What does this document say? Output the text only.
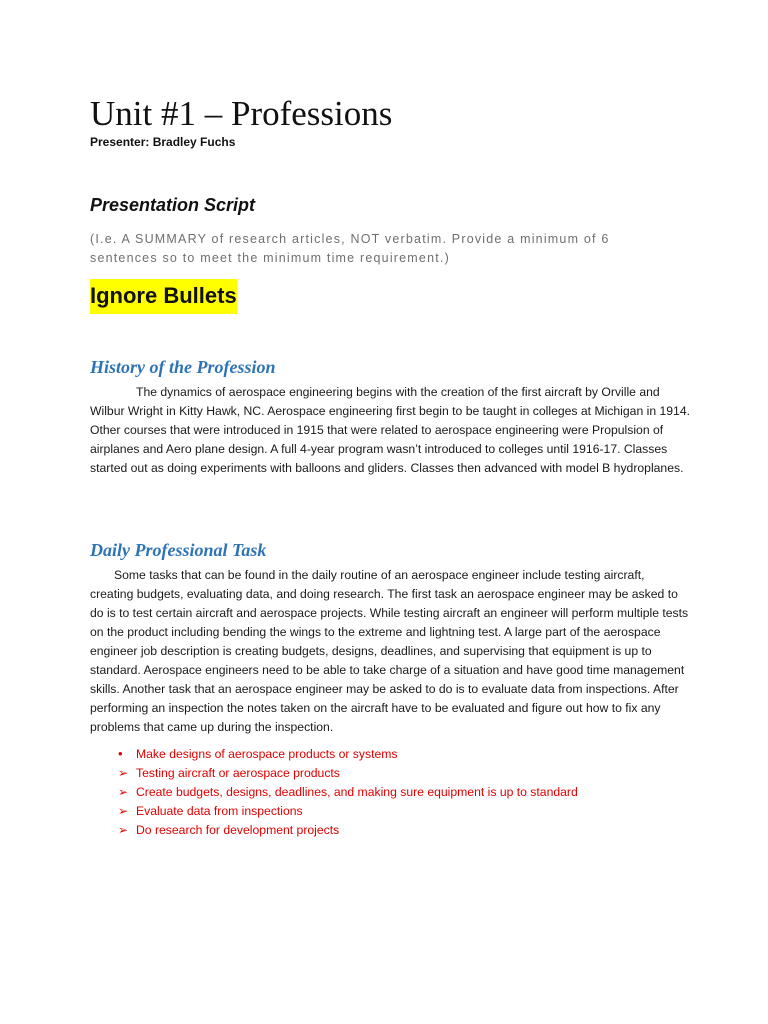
Unit #1 – Professions
Presenter: Bradley Fuchs
Presentation Script
(I.e. A SUMMARY of research articles, NOT verbatim. Provide a minimum of 6 sentences so to meet the minimum time requirement.)
Ignore Bullets
History of the Profession

The dynamics of aerospace engineering begins with the creation of the first aircraft by Orville and Wilbur Wright in Kitty Hawk, NC. Aerospace engineering first begin to be taught in colleges at Michigan in 1914. Other courses that were introduced in 1915 that were related to aerospace engineering were Propulsion of airplanes and Aero plane design. A full 4-year program wasn’t introduced to colleges until 1916-17. Classes started out as doing experiments with balloons and gliders. Classes then advanced with model B hydroplanes.

Daily Professional Task

Some tasks that can be found in the daily routine of an aerospace engineer include testing aircraft, creating budgets, evaluating data, and doing research. The first task an aerospace engineer may be asked to do is to test certain aircraft and aerospace projects. While testing aircraft an engineer will perform multiple tests on the product including bending the wings to the extreme and lightning test. A large part of the aerospace engineer job description is creating budgets, designs, deadlines, and supervising that equipment is up to standard. Aerospace engineers need to be able to take charge of a situation and have good time management skills. Another task that an aerospace engineer may be asked to do is to evaluate data from inspections. After performing an inspection the notes taken on the aircraft have to be evaluated and figure out how to fix any problems that came up during the inspection.

•	Make designs of aerospace products or systems
➢ Testing aircraft or aerospace products
➢ Create budgets, designs, deadlines, and making sure equipment is up to standard
➢ Evaluate data from inspections
➢ Do research for development projects
